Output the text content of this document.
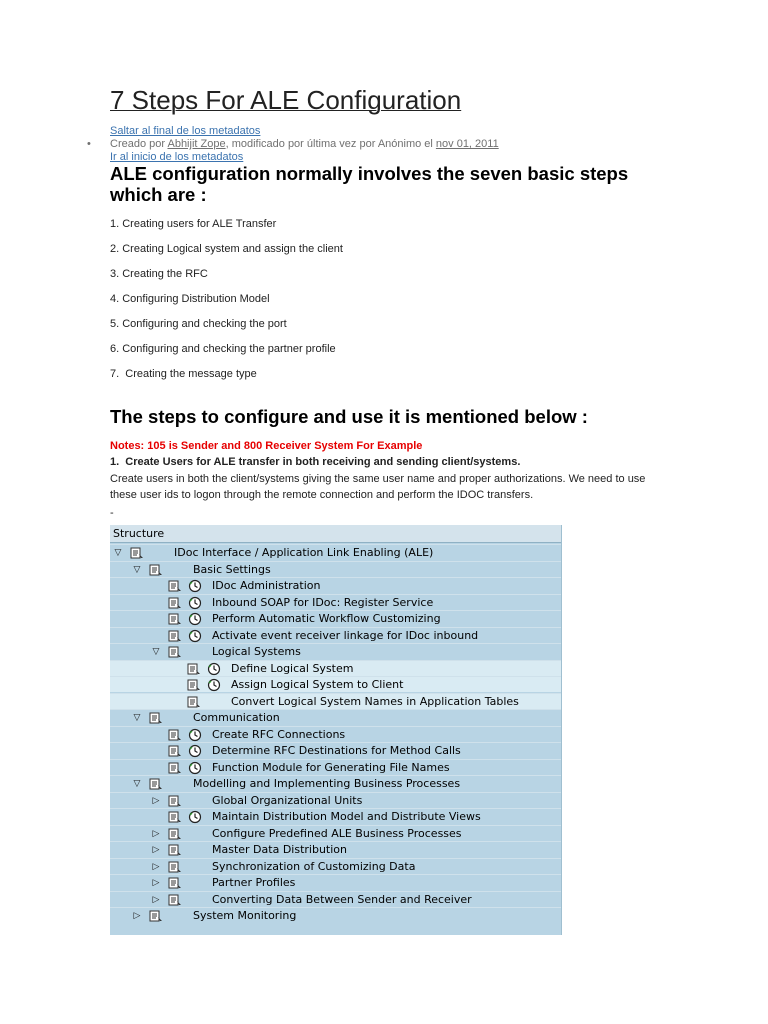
7 Steps For ALE Configuration
Saltar al final de los metadatos
• Creado por Abhijit Zope, modificado por última vez por Anónimo el nov 01, 2011
Ir al inicio de los metadatos
ALE configuration normally involves the seven basic steps which are :
1. Creating users for ALE Transfer
2. Creating Logical system and assign the client
3. Creating the RFC
4. Configuring Distribution Model
5. Configuring and checking the port
6. Configuring and checking the partner profile
7.  Creating the message type
The steps to configure and use it is mentioned below :
Notes: 105 is Sender and 800 Receiver System For Example
1.  Create Users for ALE transfer in both receiving and sending client/systems.
Create users in both the client/systems giving the same user name and proper authorizations. We need to use these user ids to logon through the remote connection and perform the IDOC transfers.
-
Structure
▽	IDoc Interface / Application Link Enabling (ALE)
▽	Basic Settings
IDoc Administration
Inbound SOAP for IDoc: Register Service
Perform Automatic Workflow Customizing
Activate event receiver linkage for IDoc inbound
▽	Logical Systems
Define Logical System
Assign Logical System to Client
Convert Logical System Names in Application Tables
▽	Communication
Create RFC Connections
Determine RFC Destinations for Method Calls
Function Module for Generating File Names
▽	Modelling and Implementing Business Processes
▷	Global Organizational Units
Maintain Distribution Model and Distribute Views
▷	Configure Predefined ALE Business Processes
▷	Master Data Distribution
▷	Synchronization of Customizing Data
▷	Partner Profiles
▷	Converting Data Between Sender and Receiver
▷	System Monitoring
